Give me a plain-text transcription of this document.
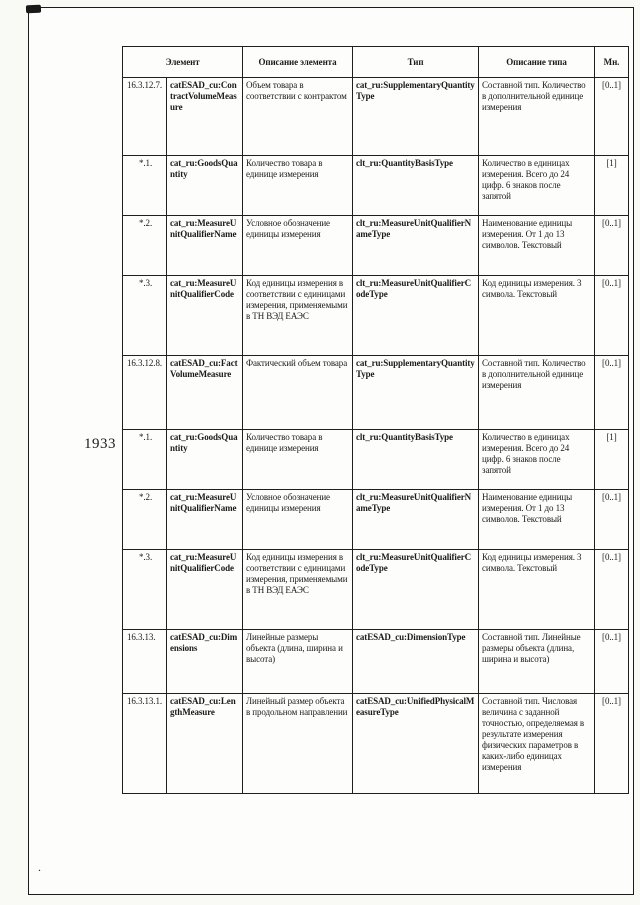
1933
.
Элемент		Описание элемента	Тип	Описание типа	Мн.
16.3.12.7.	catESAD_cu:ContractVolumeMeasure	Объем товара в соответствии с контрактом	cat_ru:SupplementaryQuantityType	Составной тип. Количество в дополнительной единице измерения	[0..1]
*.1.	cat_ru:GoodsQuantity	Количество товара в единице измерения	clt_ru:QuantityBasisType	Количество в единицах измерения. Всего до 24 цифр. 6 знаков после запятой	[1]
*.2.	cat_ru:MeasureUnitQualifierName	Условное обозначение единицы измерения	clt_ru:MeasureUnitQualifierNameType	Наименование единицы измерения. От 1 до 13 символов. Текстовый	[0..1]
*.3.	cat_ru:MeasureUnitQualifierCode	Код единицы измерения в соответствии с единицами измерения, применяемыми в ТН ВЭД ЕАЭС	clt_ru:MeasureUnitQualifierCodeType	Код единицы измерения. 3 символа. Текстовый	[0..1]
16.3.12.8.	catESAD_cu:FactVolumeMeasure	Фактический объем товара	cat_ru:SupplementaryQuantityType	Составной тип. Количество в дополнительной единице измерения	[0..1]
*.1.	cat_ru:GoodsQuantity	Количество товара в единице измерения	clt_ru:QuantityBasisType	Количество в единицах измерения. Всего до 24 цифр. 6 знаков после запятой	[1]
*.2.	cat_ru:MeasureUnitQualifierName	Условное обозначение единицы измерения	clt_ru:MeasureUnitQualifierNameType	Наименование единицы измерения. От 1 до 13 символов. Текстовый	[0..1]
*.3.	cat_ru:MeasureUnitQualifierCode	Код единицы измерения в соответствии с единицами измерения, применяемыми в ТН ВЭД ЕАЭС	clt_ru:MeasureUnitQualifierCodeType	Код единицы измерения. 3 символа. Текстовый	[0..1]
16.3.13.	catESAD_cu:Dimensions	Линейные размеры объекта (длина, ширина и высота)	catESAD_cu:DimensionType	Составной тип. Линейные размеры объекта (длина, ширина и высота)	[0..1]
16.3.13.1.	catESAD_cu:LengthMeasure	Линейный размер объекта в продольном направлении	catESAD_cu:UnifiedPhysicalMeasureType	Составной тип. Числовая величина с заданной точностью, определяемая в результате измерения физических параметров в каких-либо единицах измерения	[0..1]
